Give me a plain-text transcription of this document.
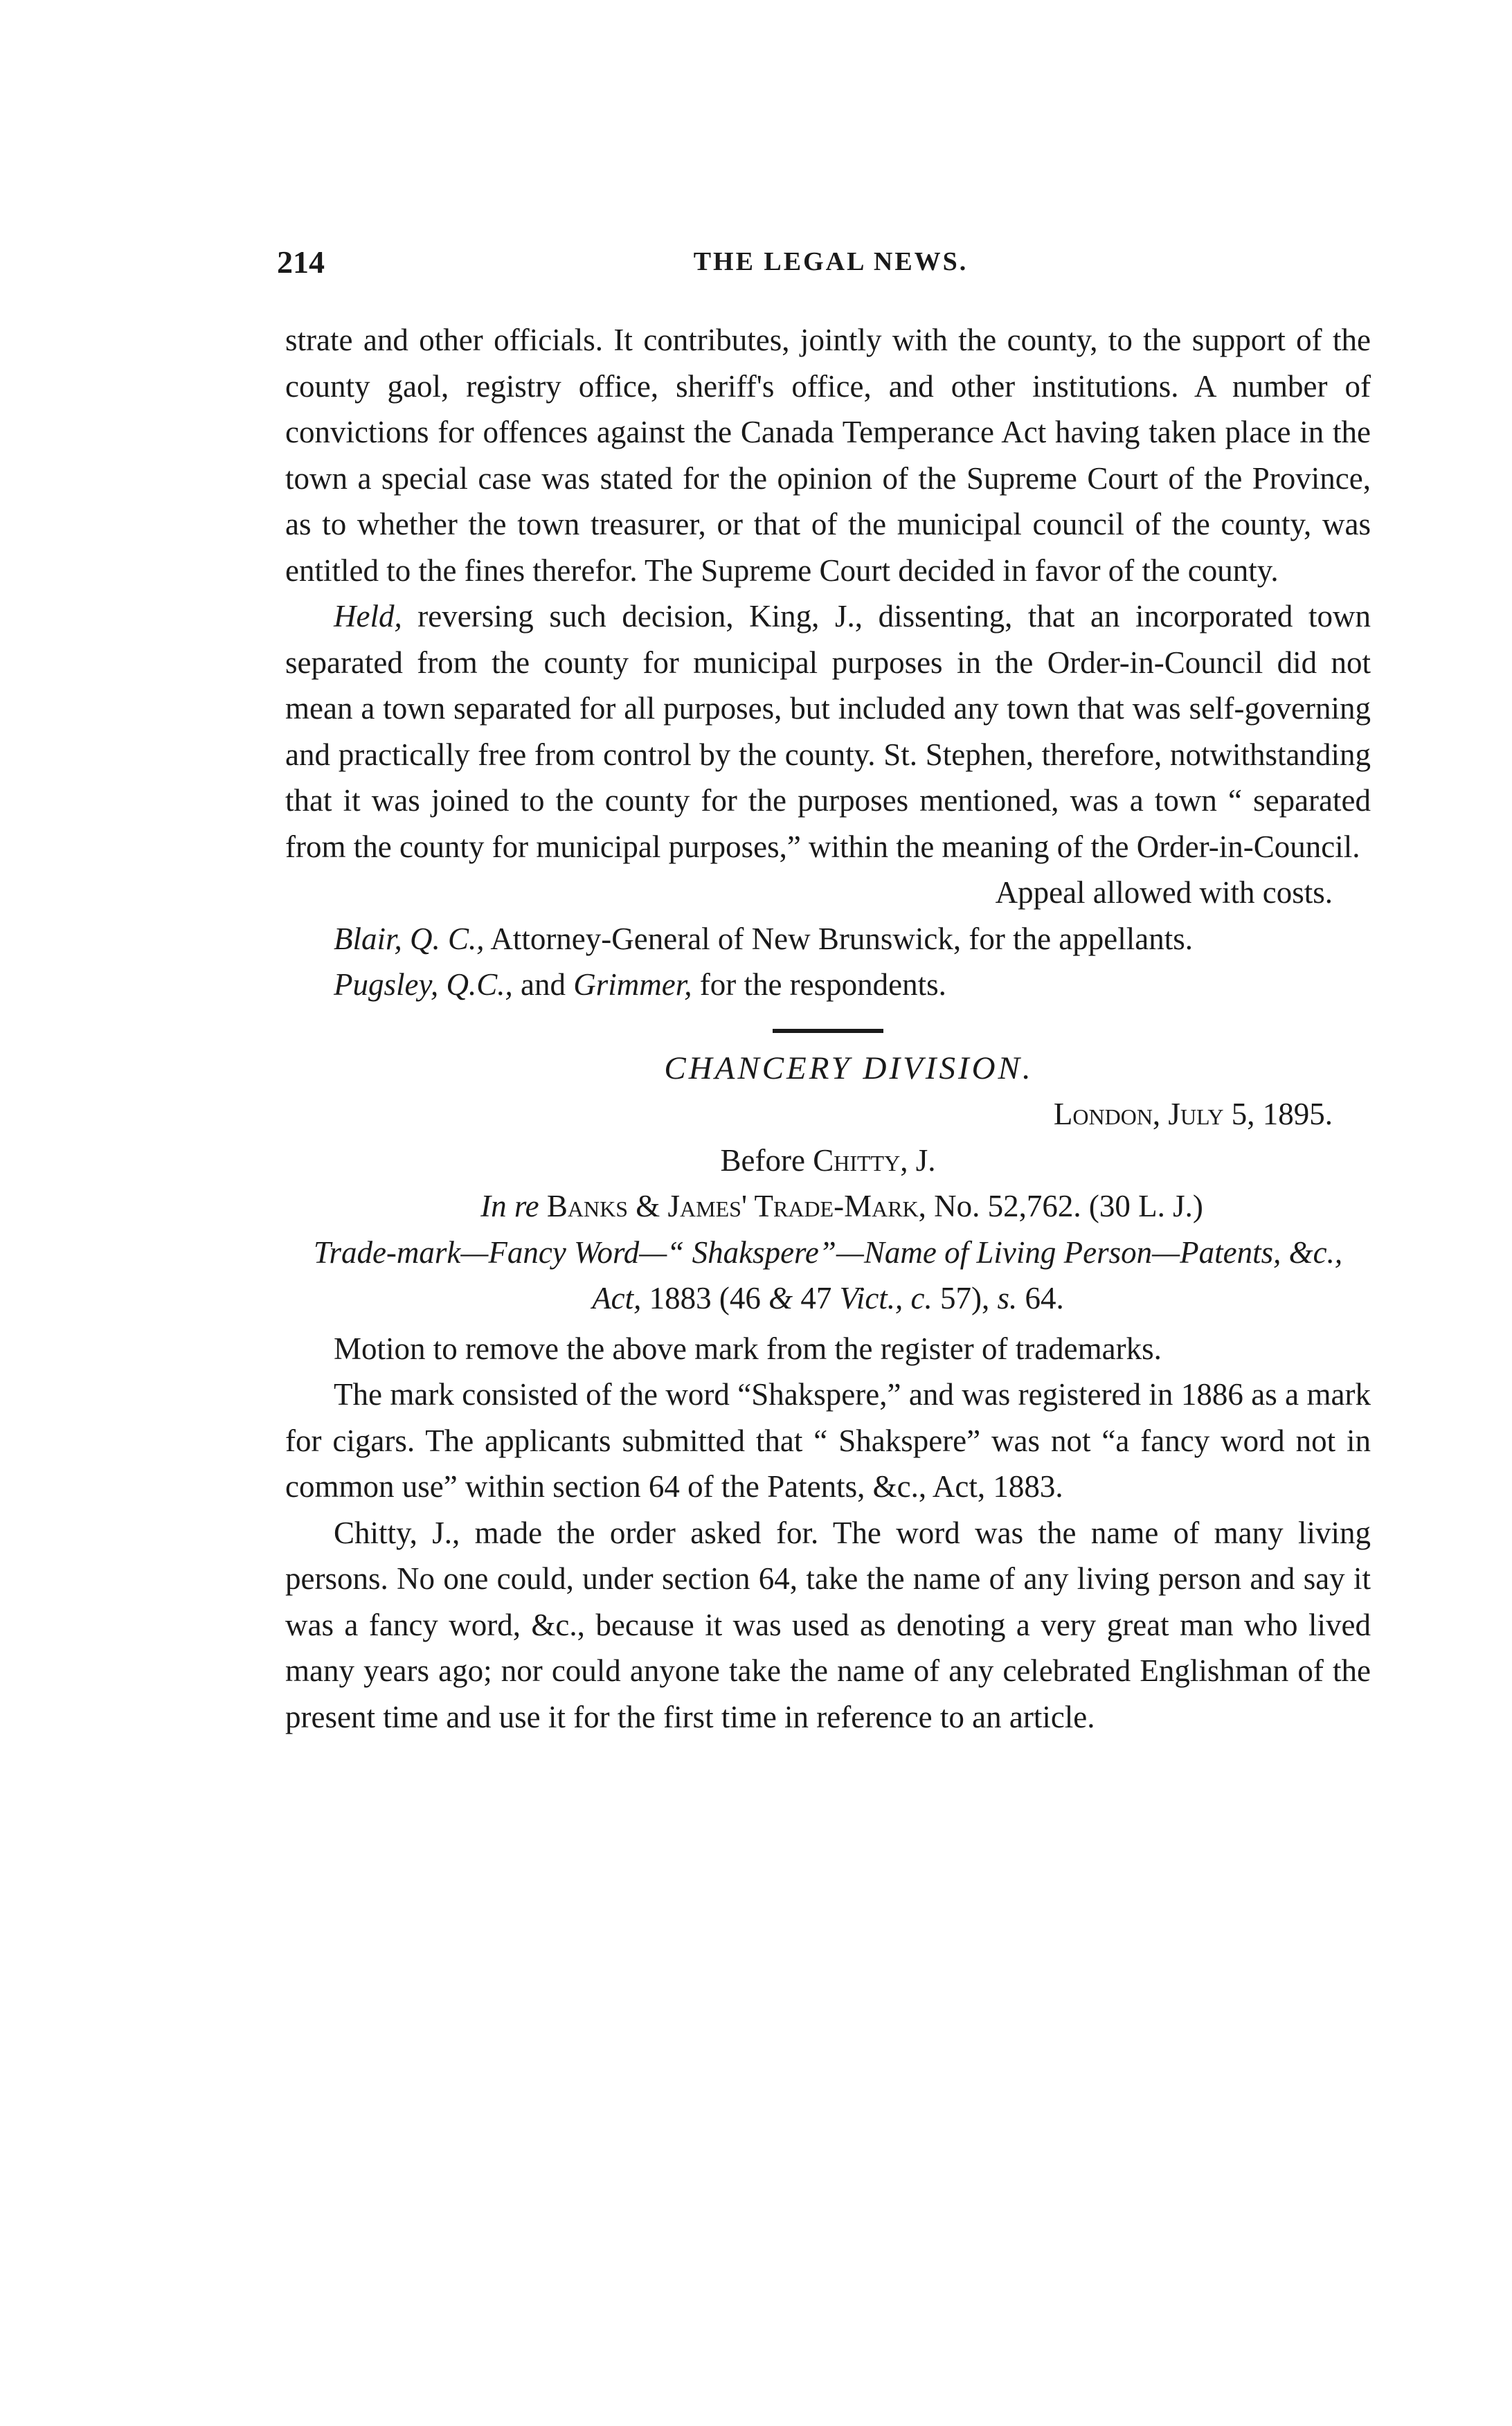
214	THE LEGAL NEWS.

strate and other officials. It contributes, jointly with the county, to the support of the county gaol, registry office, sheriff's office, and other institutions. A number of convictions for offences against the Canada Temperance Act having taken place in the town a special case was stated for the opinion of the Supreme Court of the Province, as to whether the town treasurer, or that of the municipal council of the county, was entitled to the fines therefor. The Supreme Court decided in favor of the county.

Held, reversing such decision, King, J., dissenting, that an incorporated town separated from the county for municipal purposes in the Order-in-Council did not mean a town separated for all purposes, but included any town that was self-governing and practically free from control by the county. St. Stephen, therefore, notwithstanding that it was joined to the county for the purposes mentioned, was a town “ separated from the county for municipal purposes,” within the meaning of the Order-in-Council.

Appeal allowed with costs.

Blair, Q. C., Attorney-General of New Brunswick, for the appellants.

Pugsley, Q.C., and Grimmer, for the respondents.

CHANCERY DIVISION.

London, July 5, 1895.

Before Chitty, J.

In re Banks & James' Trade-Mark, No. 52,762. (30 L. J.)

Trade-mark—Fancy Word—“ Shakspere”—Name of Living Person—Patents, &c., Act, 1883 (46 & 47 Vict., c. 57), s. 64.

Motion to remove the above mark from the register of trademarks.

The mark consisted of the word “Shakspere,” and was registered in 1886 as a mark for cigars. The applicants submitted that “ Shakspere” was not “a fancy word not in common use” within section 64 of the Patents, &c., Act, 1883.

Chitty, J., made the order asked for. The word was the name of many living persons. No one could, under section 64, take the name of any living person and say it was a fancy word, &c., because it was used as denoting a very great man who lived many years ago; nor could anyone take the name of any celebrated Englishman of the present time and use it for the first time in reference to an article.
